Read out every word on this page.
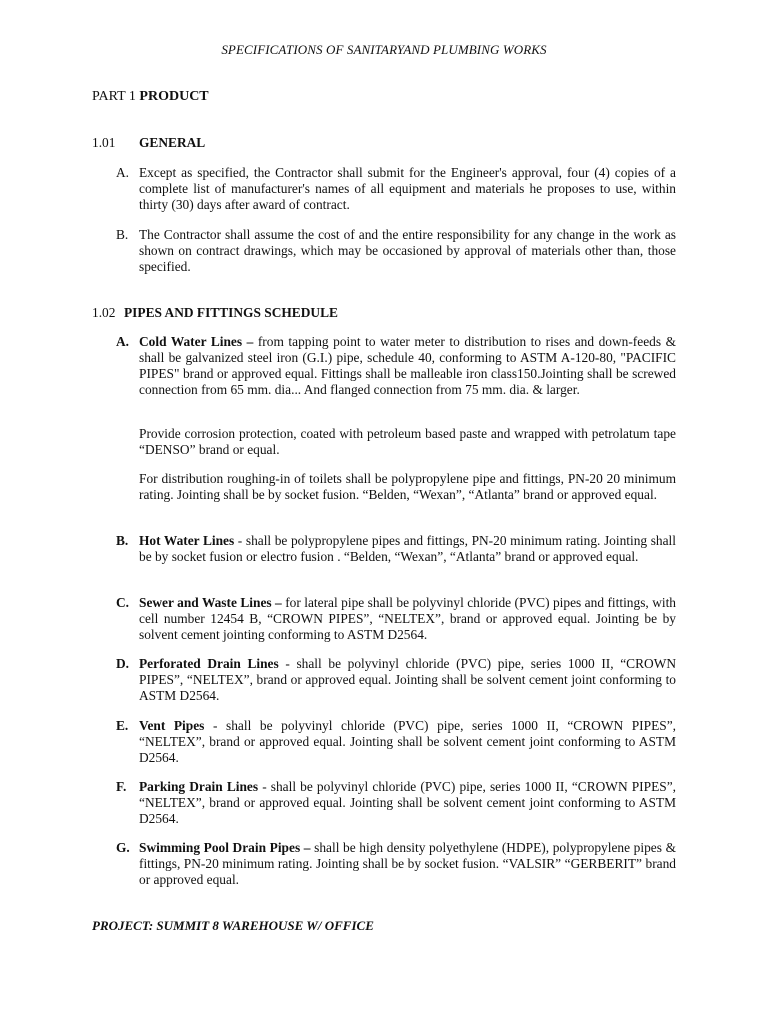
SPECIFICATIONS OF SANITARYAND PLUMBING WORKS
PART 1 PRODUCT
1.01 GENERAL
A. Except as specified, the Contractor shall submit for the Engineer's approval, four (4) copies of a complete list of manufacturer's names of all equipment and materials he proposes to use, within thirty (30) days after award of contract.
B. The Contractor shall assume the cost of and the entire responsibility for any change in the work as shown on contract drawings, which may be occasioned by approval of materials other than, those specified.
1.02 PIPES AND FITTINGS SCHEDULE
A. Cold Water Lines – from tapping point to water meter to distribution to rises and down-feeds & shall be galvanized steel iron (G.I.) pipe, schedule 40, conforming to ASTM A-120-80, "PACIFIC PIPES" brand or approved equal. Fittings shall be malleable iron class150.Jointing shall be screwed connection from 65 mm. dia... And flanged connection from 75 mm. dia. & larger.
Provide corrosion protection, coated with petroleum based paste and wrapped with petrolatum tape “DENSO” brand or equal.
For distribution roughing-in of toilets shall be polypropylene pipe and fittings, PN-20 20 minimum rating. Jointing shall be by socket fusion. “Belden, “Wexan”, “Atlanta” brand or approved equal.
B. Hot Water Lines - shall be polypropylene pipes and fittings, PN-20 minimum rating. Jointing shall be by socket fusion or electro fusion . “Belden, “Wexan”, “Atlanta” brand or approved equal.
C. Sewer and Waste Lines – for lateral pipe shall be polyvinyl chloride (PVC) pipes and fittings, with cell number 12454 B, “CROWN PIPES”, “NELTEX”, brand or approved equal. Jointing be by solvent cement jointing conforming to ASTM D2564.
D. Perforated Drain Lines - shall be polyvinyl chloride (PVC) pipe, series 1000 II, “CROWN PIPES”, “NELTEX”, brand or approved equal. Jointing shall be solvent cement joint conforming to ASTM D2564.
E. Vent Pipes - shall be polyvinyl chloride (PVC) pipe, series 1000 II, “CROWN PIPES”, “NELTEX”, brand or approved equal. Jointing shall be solvent cement joint conforming to ASTM D2564.
F. Parking Drain Lines - shall be polyvinyl chloride (PVC) pipe, series 1000 II, “CROWN PIPES”, “NELTEX”, brand or approved equal. Jointing shall be solvent cement joint conforming to ASTM D2564.
G. Swimming Pool Drain Pipes – shall be high density polyethylene (HDPE), polypropylene pipes & fittings, PN-20 minimum rating. Jointing shall be by socket fusion. “VALSIR” “GERBERIT” brand or approved equal.
PROJECT: SUMMIT 8 WAREHOUSE W/ OFFICE
